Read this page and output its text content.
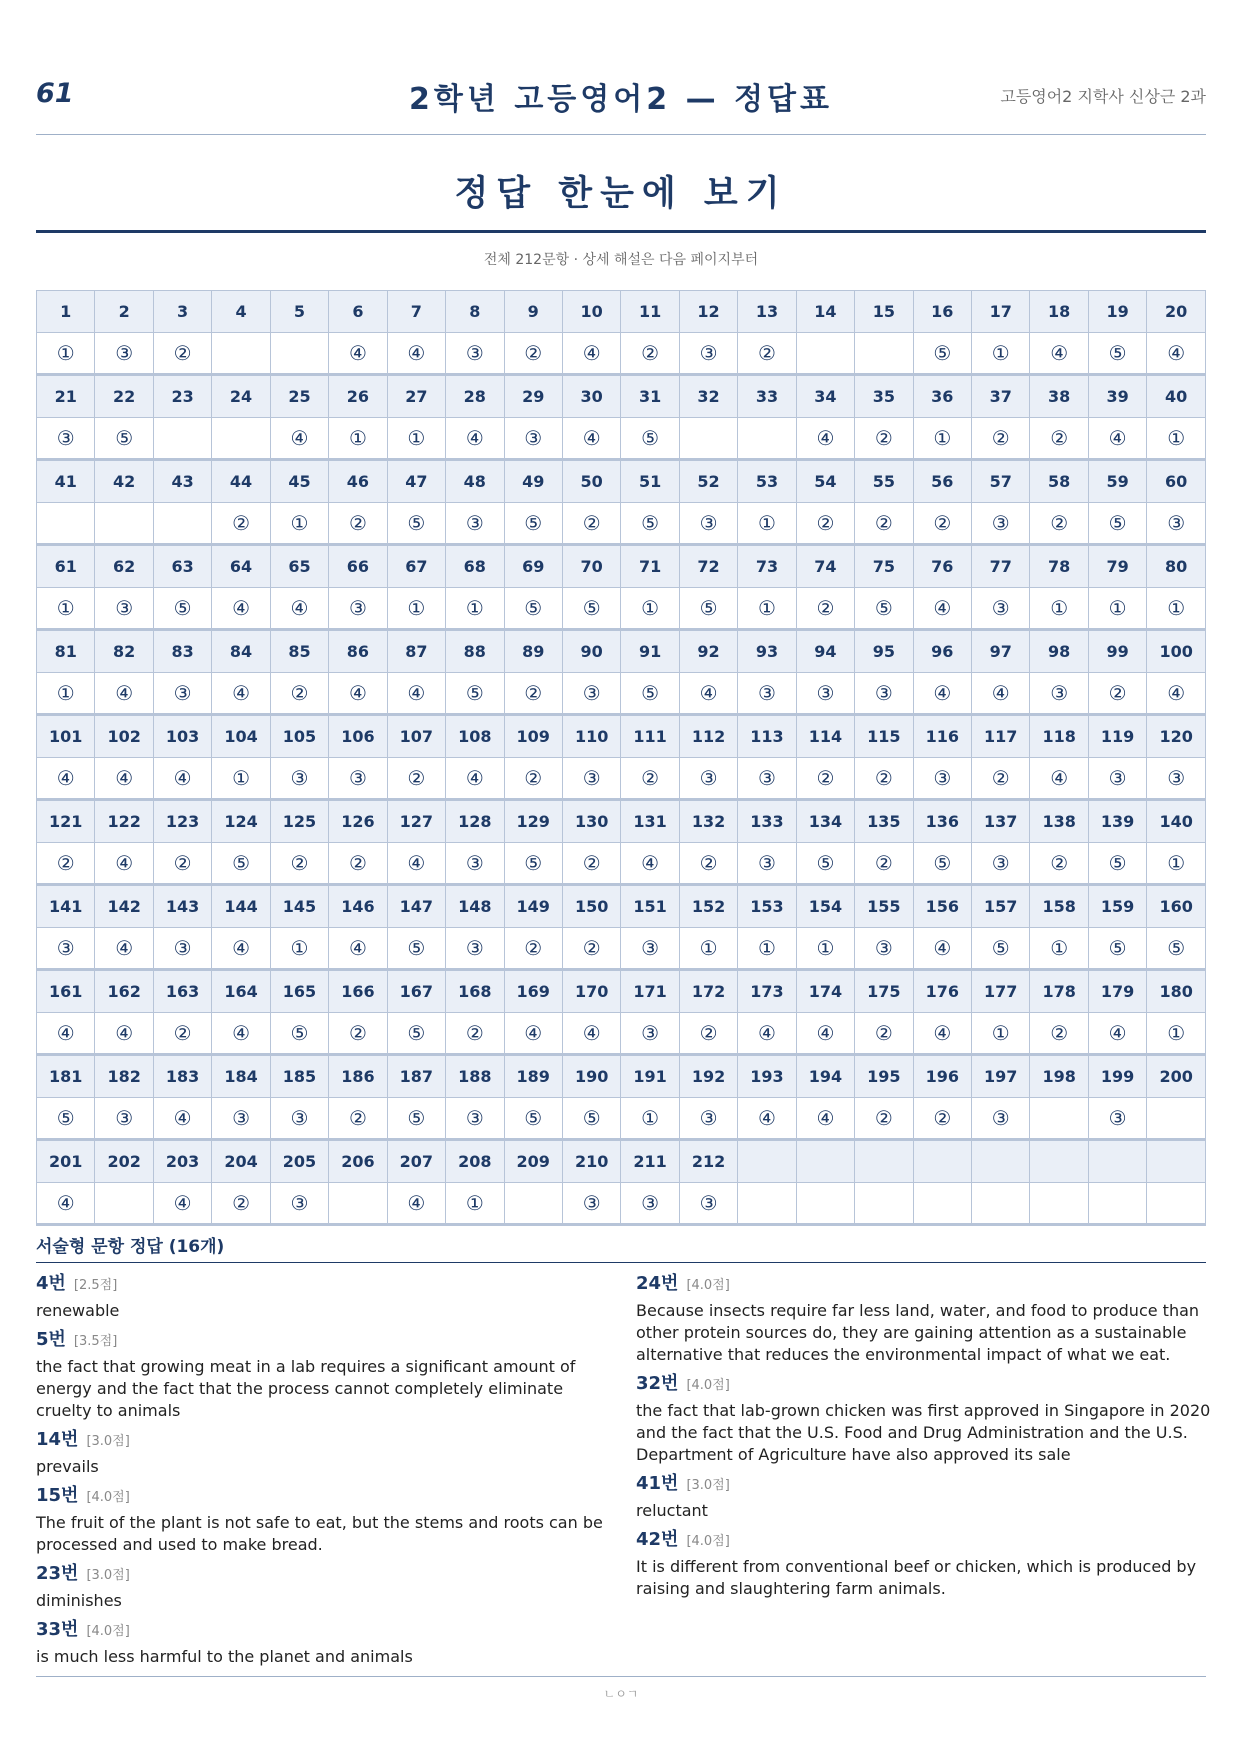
61	2학년 고등영어2 — 정답표	고등영어2 지학사 신상근 2과
정답 한눈에 보기
전체 212문항 · 상세 해설은 다음 페이지부터
1	2	3	4	5	6	7	8	9	10	11	12	13	14	15	16	17	18	19	20
①	③	②			④	④	③	②	④	②	③	②			⑤	①	④	⑤	④
21	22	23	24	25	26	27	28	29	30	31	32	33	34	35	36	37	38	39	40
③	⑤			④	①	①	④	③	④	⑤			④	②	①	②	②	④	①
41	42	43	44	45	46	47	48	49	50	51	52	53	54	55	56	57	58	59	60
			②	①	②	⑤	③	⑤	②	⑤	③	①	②	②	②	③	②	⑤	③
61	62	63	64	65	66	67	68	69	70	71	72	73	74	75	76	77	78	79	80
①	③	⑤	④	④	③	①	①	⑤	⑤	①	⑤	①	②	⑤	④	③	①	①	①
81	82	83	84	85	86	87	88	89	90	91	92	93	94	95	96	97	98	99	100
①	④	③	④	②	④	④	⑤	②	③	⑤	④	③	③	③	④	④	③	②	④
101	102	103	104	105	106	107	108	109	110	111	112	113	114	115	116	117	118	119	120
④	④	④	①	③	③	②	④	②	③	②	③	③	②	②	③	②	④	③	③
121	122	123	124	125	126	127	128	129	130	131	132	133	134	135	136	137	138	139	140
②	④	②	⑤	②	②	④	③	⑤	②	④	②	③	⑤	②	⑤	③	②	⑤	①
141	142	143	144	145	146	147	148	149	150	151	152	153	154	155	156	157	158	159	160
③	④	③	④	①	④	⑤	③	②	②	③	①	①	①	③	④	⑤	①	⑤	⑤
161	162	163	164	165	166	167	168	169	170	171	172	173	174	175	176	177	178	179	180
④	④	②	④	⑤	②	⑤	②	④	④	③	②	④	④	②	④	①	②	④	①
181	182	183	184	185	186	187	188	189	190	191	192	193	194	195	196	197	198	199	200
⑤	③	④	③	③	②	⑤	③	⑤	⑤	①	③	④	④	②	②	③		③	
201	202	203	204	205	206	207	208	209	210	211	212								
④		④	②	③		④	①		③	③	③								
서술형 문항 정답 (16개)
4번 [2.5점]
renewable
5번 [3.5점]
the fact that growing meat in a lab requires a significant amount of energy and the fact that the process cannot completely eliminate cruelty to animals
14번 [3.0점]
prevails
15번 [4.0점]
The fruit of the plant is not safe to eat, but the stems and roots can be processed and used to make bread.
23번 [3.0점]
diminishes
33번 [4.0점]
is much less harmful to the planet and animals
24번 [4.0점]
Because insects require far less land, water, and food to produce than other protein sources do, they are gaining attention as a sustainable alternative that reduces the environmental impact of what we eat.
32번 [4.0점]
the fact that lab-grown chicken was first approved in Singapore in 2020 and the fact that the U.S. Food and Drug Administration and the U.S. Department of Agriculture have also approved its sale
41번 [3.0점]
reluctant
42번 [4.0점]
It is different from conventional beef or chicken, which is produced by raising and slaughtering farm animals.
ㄴㅇㄱ
